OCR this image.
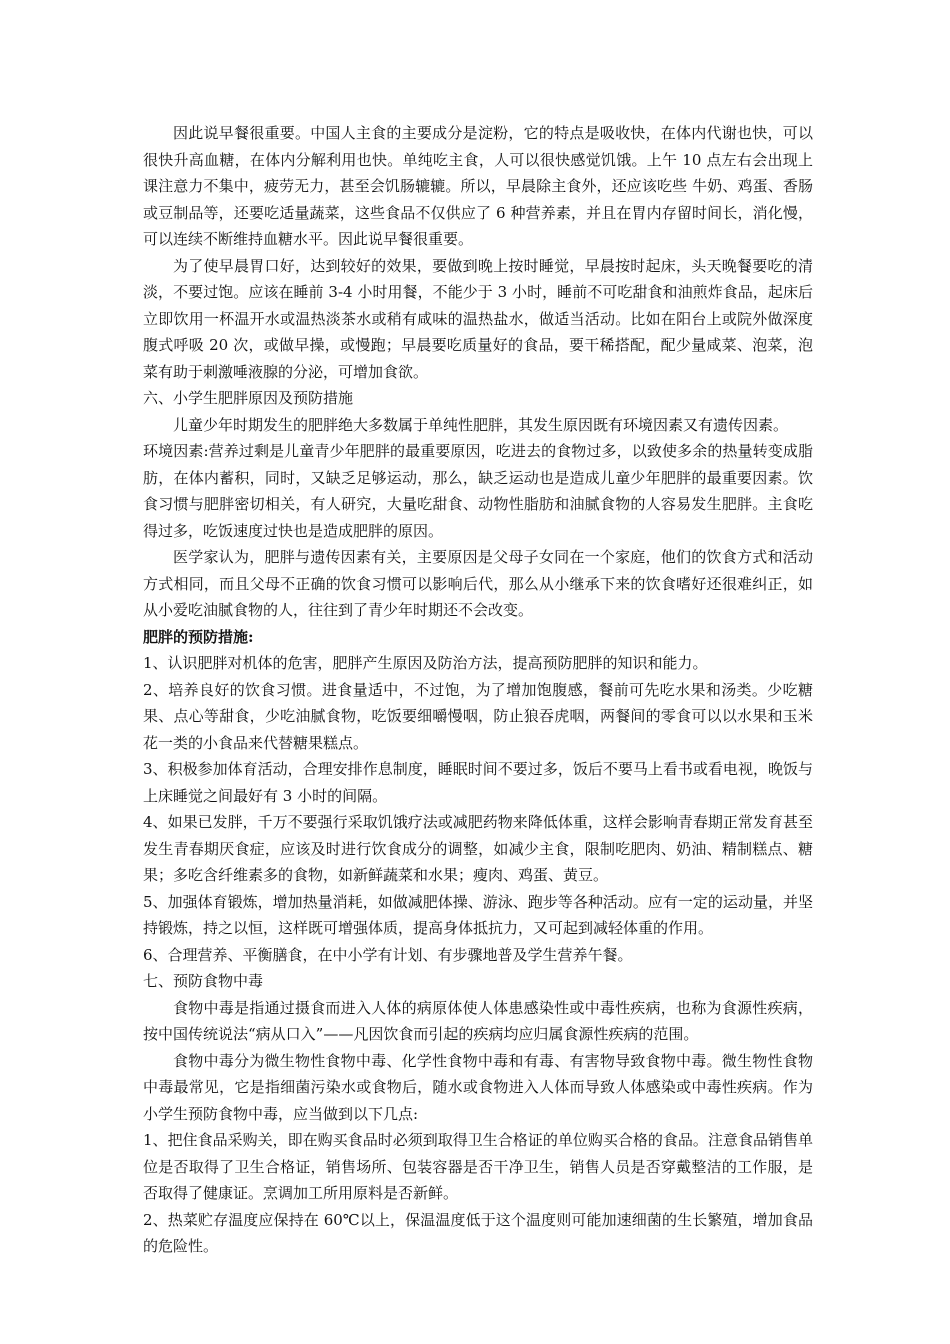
因此说早餐很重要。中国人主食的主要成分是淀粉，它的特点是吸收快，在体内代谢也快，可以很快升高血糖，在体内分解利用也快。单纯吃主食，人可以很快感觉饥饿。上午 10 点左右会出现上课注意力不集中，疲劳无力，甚至会饥肠辘辘。所以，早晨除主食外，还应该吃些 牛奶、鸡蛋、香肠或豆制品等，还要吃适量蔬菜，这些食品不仅供应了 6 种营养素，并且在胃内存留时间长，消化慢，可以连续不断维持血糖水平。因此说早餐很重要。

为了使早晨胃口好，达到较好的效果，要做到晚上按时睡觉，早晨按时起床，头天晚餐要吃的清淡，不要过饱。应该在睡前 3-4 小时用餐，不能少于 3 小时，睡前不可吃甜食和油煎炸食品，起床后立即饮用一杯温开水或温热淡茶水或稍有咸味的温热盐水，做适当活动。比如在阳台上或院外做深度腹式呼吸 20 次，或做早操，或慢跑；早晨要吃质量好的食品，要干稀搭配，配少量咸菜、泡菜，泡菜有助于刺激唾液腺的分泌，可增加食欲。

六、小学生肥胖原因及预防措施

儿童少年时期发生的肥胖绝大多数属于单纯性肥胖，其发生原因既有环境因素又有遗传因素。

环境因素:营养过剩是儿童青少年肥胖的最重要原因，吃进去的食物过多，以致使多余的热量转变成脂肪，在体内蓄积，同时，又缺乏足够运动，那么，缺乏运动也是造成儿童少年肥胖的最重要因素。饮食习惯与肥胖密切相关，有人研究，大量吃甜食、动物性脂肪和油腻食物的人容易发生肥胖。主食吃得过多，吃饭速度过快也是造成肥胖的原因。

医学家认为，肥胖与遗传因素有关，主要原因是父母子女同在一个家庭，他们的饮食方式和活动方式相同，而且父母不正确的饮食习惯可以影响后代，那么从小继承下来的饮食嗜好还很难纠正，如从小爱吃油腻食物的人，往往到了青少年时期还不会改变。

肥胖的预防措施:

1、认识肥胖对机体的危害，肥胖产生原因及防治方法，提高预防肥胖的知识和能力。

2、培养良好的饮食习惯。进食量适中，不过饱，为了增加饱腹感，餐前可先吃水果和汤类。少吃糖果、点心等甜食，少吃油腻食物，吃饭要细嚼慢咽，防止狼吞虎咽，两餐间的零食可以以水果和玉米花一类的小食品来代替糖果糕点。

3、积极参加体育活动，合理安排作息制度，睡眠时间不要过多，饭后不要马上看书或看电视，晚饭与上床睡觉之间最好有 3 小时的间隔。

4、如果已发胖，千万不要强行采取饥饿疗法或减肥药物来降低体重，这样会影响青春期正常发育甚至发生青春期厌食症，应该及时进行饮食成分的调整，如减少主食，限制吃肥肉、奶油、精制糕点、糖果；多吃含纤维素多的食物，如新鲜蔬菜和水果；瘦肉、鸡蛋、黄豆。

5、加强体育锻炼，增加热量消耗，如做减肥体操、游泳、跑步等各种活动。应有一定的运动量，并坚持锻炼，持之以恒，这样既可增强体质，提高身体抵抗力，又可起到减轻体重的作用。

6、合理营养、平衡膳食，在中小学有计划、有步骤地普及学生营养午餐。

七、预防食物中毒

食物中毒是指通过摄食而进入人体的病原体使人体患感染性或中毒性疾病，也称为食源性疾病，按中国传统说法“病从口入”——凡因饮食而引起的疾病均应归属食源性疾病的范围。

食物中毒分为微生物性食物中毒、化学性食物中毒和有毒、有害物导致食物中毒。微生物性食物中毒最常见，它是指细菌污染水或食物后，随水或食物进入人体而导致人体感染或中毒性疾病。作为小学生预防食物中毒，应当做到以下几点:

1、把住食品采购关，即在购买食品时必须到取得卫生合格证的单位购买合格的食品。注意食品销售单位是否取得了卫生合格证，销售场所、包装容器是否干净卫生，销售人员是否穿戴整洁的工作服，是否取得了健康证。烹调加工所用原料是否新鲜。

2、热菜贮存温度应保持在 60℃以上，保温温度低于这个温度则可能加速细菌的生长繁殖，增加食品的危险性。
